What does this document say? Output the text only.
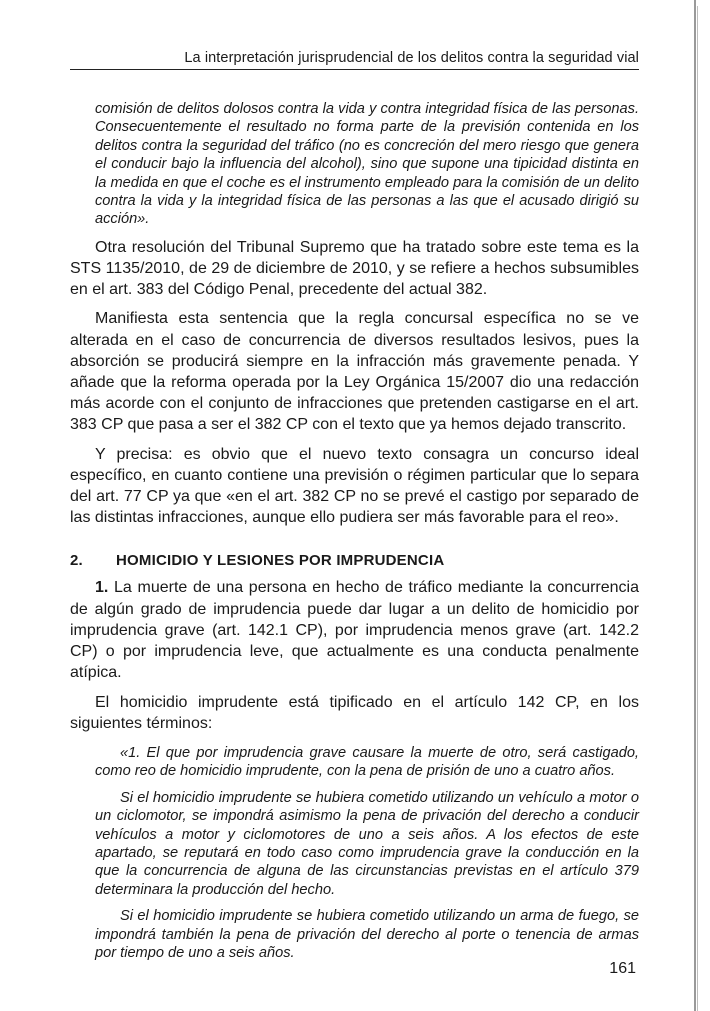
La interpretación jurisprudencial de los delitos contra la seguridad vial

comisión de delitos dolosos contra la vida y contra integridad física de las personas. Consecuentemente el resultado no forma parte de la previsión contenida en los delitos contra la seguridad del tráfico (no es concreción del mero riesgo que genera el conducir bajo la influencia del alcohol), sino que supone una tipicidad distinta en la medida en que el coche es el instrumento empleado para la comisión de un delito contra la vida y la integridad física de las personas a las que el acusado dirigió su acción».

Otra resolución del Tribunal Supremo que ha tratado sobre este tema es la STS 1135/2010, de 29 de diciembre de 2010, y se refiere a hechos subsumibles en el art. 383 del Código Penal, precedente del actual 382.

Manifiesta esta sentencia que la regla concursal específica no se ve alterada en el caso de concurrencia de diversos resultados lesivos, pues la absorción se producirá siempre en la infracción más gravemente penada. Y añade que la reforma operada por la Ley Orgánica 15/2007 dio una redacción más acorde con el conjunto de infracciones que pretenden castigarse en el art. 383 CP que pasa a ser el 382 CP con el texto que ya hemos dejado transcrito.

Y precisa: es obvio que el nuevo texto consagra un concurso ideal específico, en cuanto contiene una previsión o régimen particular que lo separa del art. 77 CP ya que «en el art. 382 CP no se prevé el castigo por separado de las distintas infracciones, aunque ello pudiera ser más favorable para el reo».

2. HOMICIDIO Y LESIONES POR IMPRUDENCIA

1. La muerte de una persona en hecho de tráfico mediante la concurrencia de algún grado de imprudencia puede dar lugar a un delito de homicidio por imprudencia grave (art. 142.1 CP), por imprudencia menos grave (art. 142.2 CP) o por imprudencia leve, que actualmente es una conducta penalmente atípica.

El homicidio imprudente está tipificado en el artículo 142 CP, en los siguientes términos:

«1. El que por imprudencia grave causare la muerte de otro, será castigado, como reo de homicidio imprudente, con la pena de prisión de uno a cuatro años.

Si el homicidio imprudente se hubiera cometido utilizando un vehículo a motor o un ciclomotor, se impondrá asimismo la pena de privación del derecho a conducir vehículos a motor y ciclomotores de uno a seis años. A los efectos de este apartado, se reputará en todo caso como imprudencia grave la conducción en la que la concurrencia de alguna de las circunstancias previstas en el artículo 379 determinara la producción del hecho.

Si el homicidio imprudente se hubiera cometido utilizando un arma de fuego, se impondrá también la pena de privación del derecho al porte o tenencia de armas por tiempo de uno a seis años.

161
